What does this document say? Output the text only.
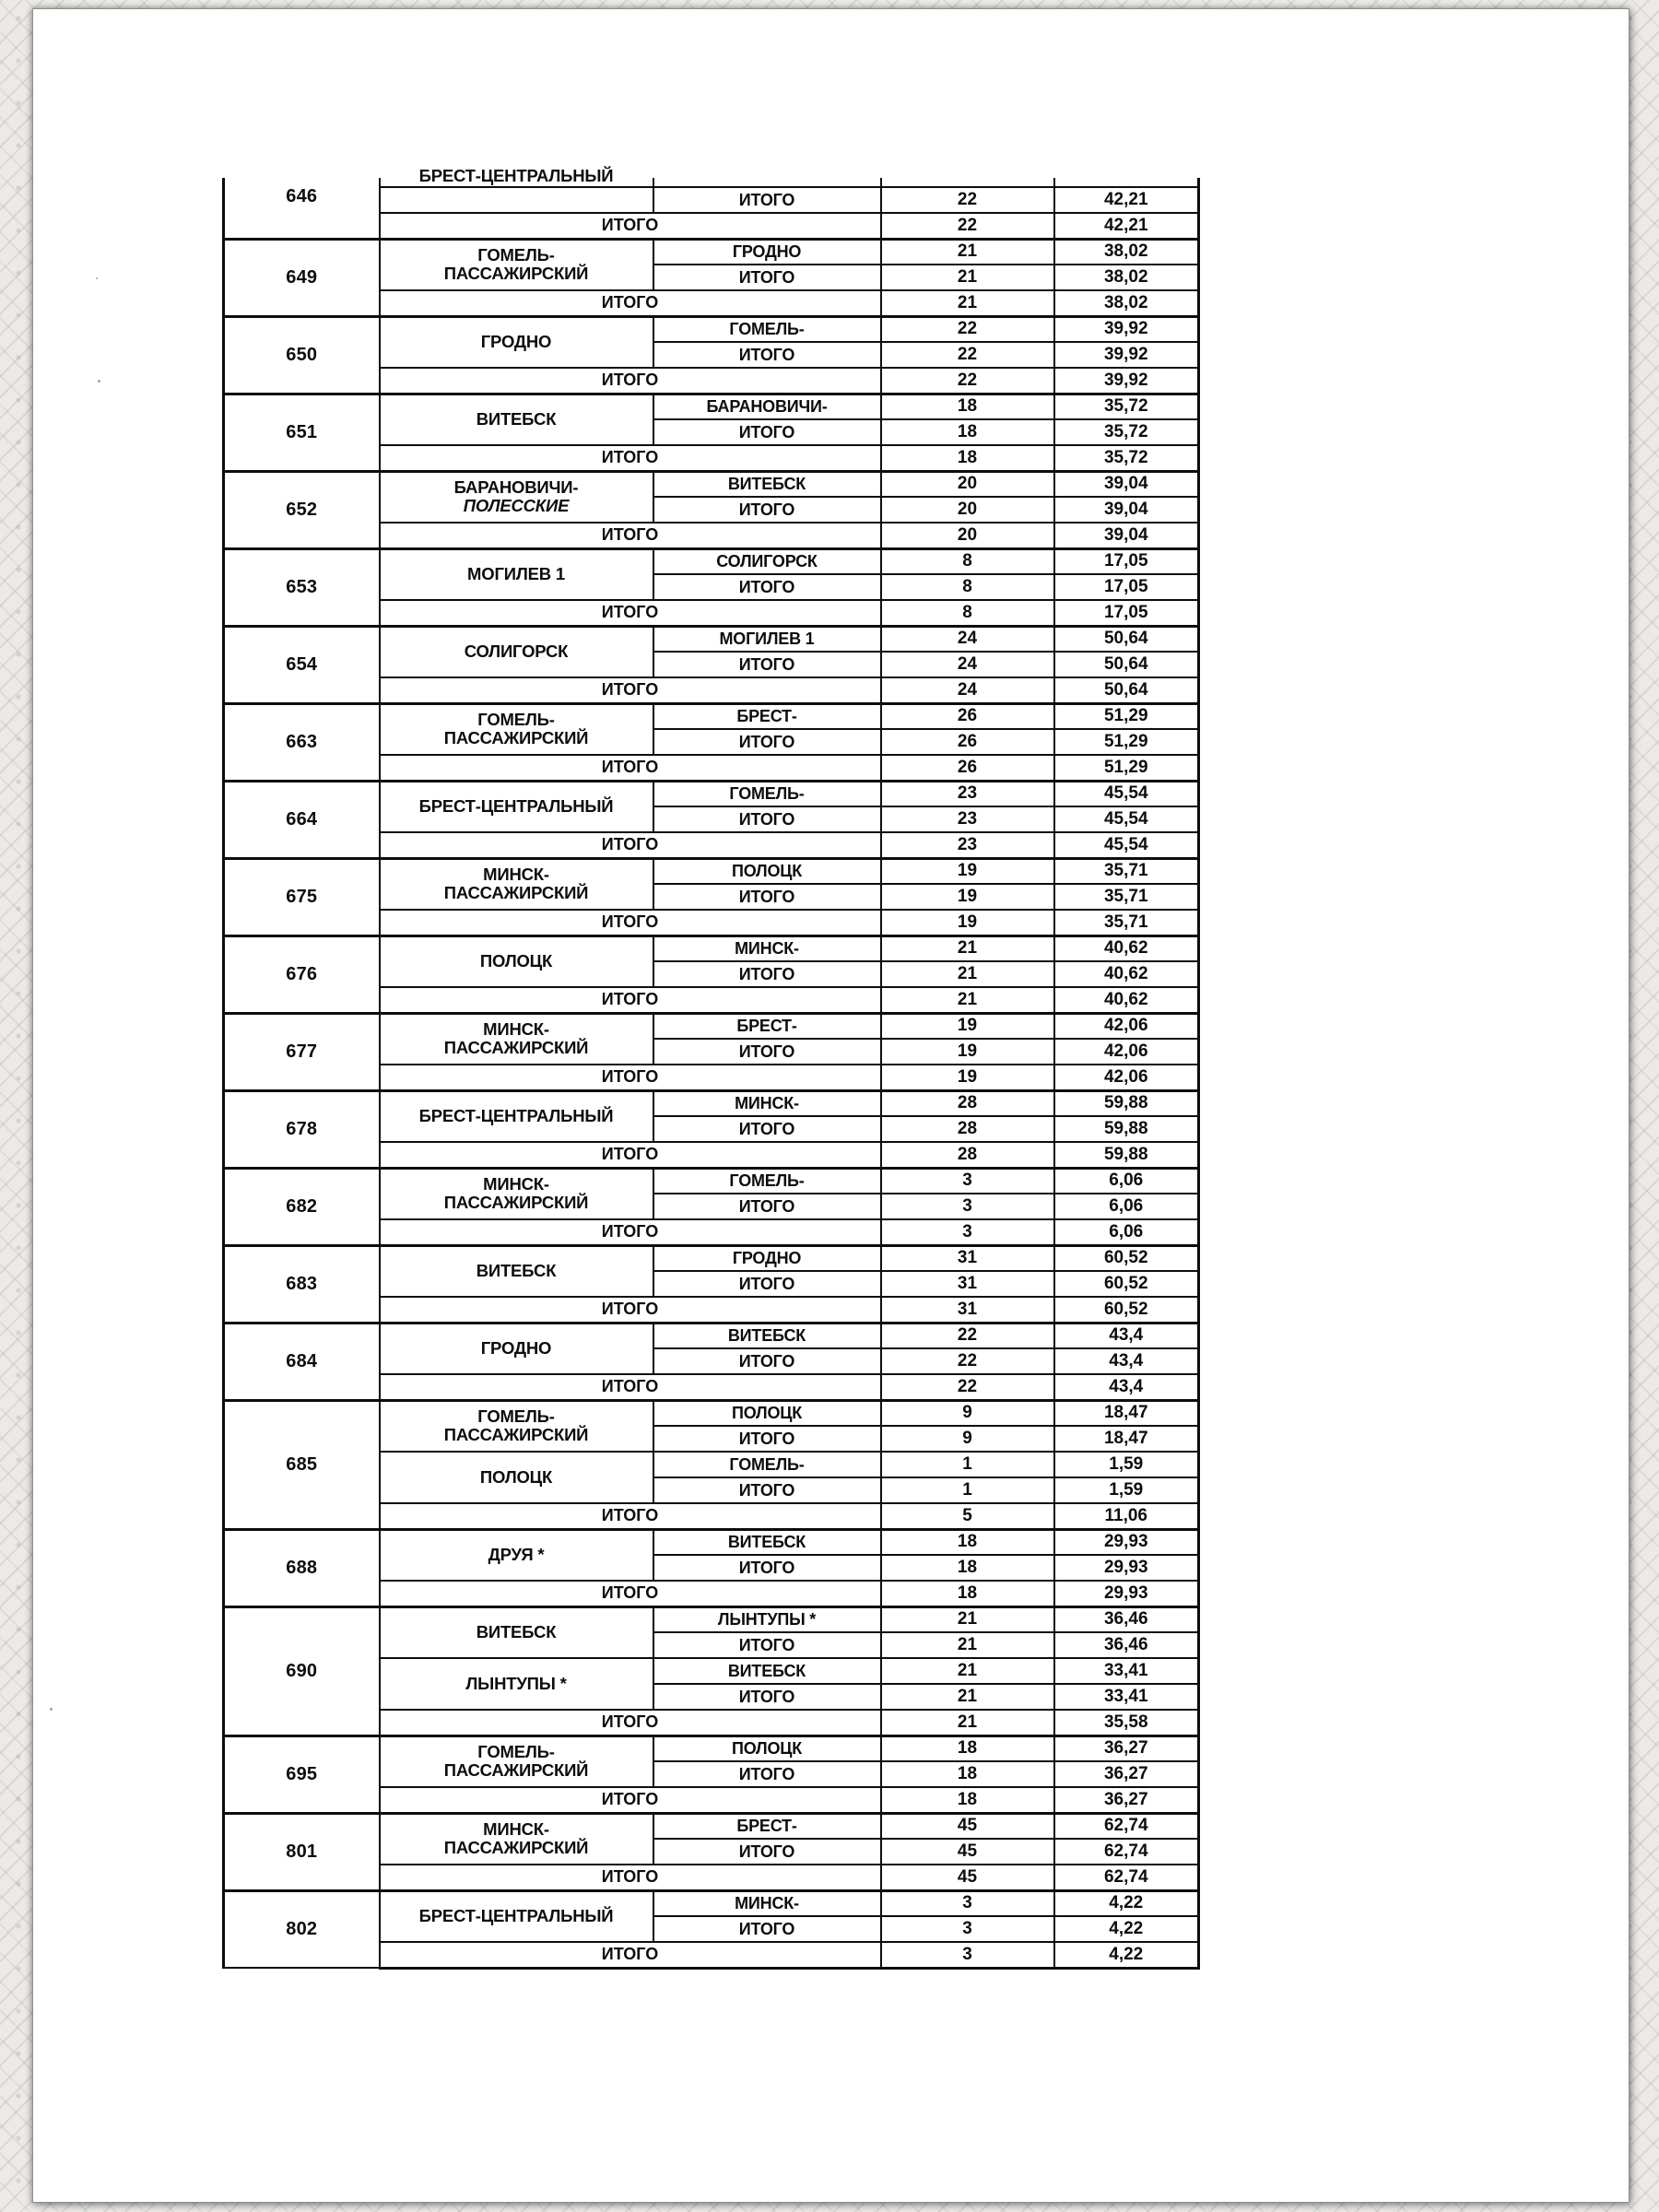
646	БРЕСТ-ЦЕНТРАЛЬНЫЙ			

		ИТОГО	22	42,21
	ИТОГО		22	42,21
649	ГОМЕЛЬ-
ПАССАЖИРСКИЙ	ГРОДНО	21	38,02
		ИТОГО	21	38,02
	ИТОГО		21	38,02
650	ГРОДНО	ГОМЕЛЬ-	22	39,92
		ИТОГО	22	39,92
	ИТОГО		22	39,92
651	ВИТЕБСК	БАРАНОВИЧИ-	18	35,72
		ИТОГО	18	35,72
	ИТОГО		18	35,72
652	БАРАНОВИЧИ-
ПОЛЕССКИЕ	ВИТЕБСК	20	39,04
		ИТОГО	20	39,04
	ИТОГО		20	39,04
653	МОГИЛЕВ 1	СОЛИГОРСК	8	17,05
		ИТОГО	8	17,05
	ИТОГО		8	17,05
654	СОЛИГОРСК	МОГИЛЕВ 1	24	50,64
		ИТОГО	24	50,64
	ИТОГО		24	50,64
663	ГОМЕЛЬ-
ПАССАЖИРСКИЙ	БРЕСТ-	26	51,29
		ИТОГО	26	51,29
	ИТОГО		26	51,29
664	БРЕСТ-ЦЕНТРАЛЬНЫЙ	ГОМЕЛЬ-	23	45,54
		ИТОГО	23	45,54
	ИТОГО		23	45,54
675	МИНСК-
ПАССАЖИРСКИЙ	ПОЛОЦК	19	35,71
		ИТОГО	19	35,71
	ИТОГО		19	35,71
676	ПОЛОЦК	МИНСК-	21	40,62
		ИТОГО	21	40,62
	ИТОГО		21	40,62
677	МИНСК-
ПАССАЖИРСКИЙ	БРЕСТ-	19	42,06
		ИТОГО	19	42,06
	ИТОГО		19	42,06
678	БРЕСТ-ЦЕНТРАЛЬНЫЙ	МИНСК-	28	59,88
		ИТОГО	28	59,88
	ИТОГО		28	59,88
682	МИНСК-
ПАССАЖИРСКИЙ	ГОМЕЛЬ-	3	6,06
		ИТОГО	3	6,06
	ИТОГО		3	6,06
683	ВИТЕБСК	ГРОДНО	31	60,52
		ИТОГО	31	60,52
	ИТОГО		31	60,52
684	ГРОДНО	ВИТЕБСК	22	43,4
		ИТОГО	22	43,4
	ИТОГО		22	43,4
685	ГОМЕЛЬ-
ПАССАЖИРСКИЙ	ПОЛОЦК	9	18,47
		ИТОГО	9	18,47

	ПОЛОЦК	ГОМЕЛЬ-	1	1,59
		ИТОГО	1	1,59
	ИТОГО		5	11,06
688	ДРУЯ *	ВИТЕБСК	18	29,93
		ИТОГО	18	29,93
	ИТОГО		18	29,93
690	ВИТЕБСК	ЛЫНТУПЫ *	21	36,46
		ИТОГО	21	36,46

	ЛЫНТУПЫ *	ВИТЕБСК	21	33,41
		ИТОГО	21	33,41
	ИТОГО		21	35,58
695	ГОМЕЛЬ-
ПАССАЖИРСКИЙ	ПОЛОЦК	18	36,27
		ИТОГО	18	36,27
	ИТОГО		18	36,27
801	МИНСК-
ПАССАЖИРСКИЙ	БРЕСТ-	45	62,74
		ИТОГО	45	62,74
	ИТОГО		45	62,74
802	БРЕСТ-ЦЕНТРАЛЬНЫЙ	МИНСК-	3	4,22
		ИТОГО	3	4,22
	ИТОГО		3	4,22
